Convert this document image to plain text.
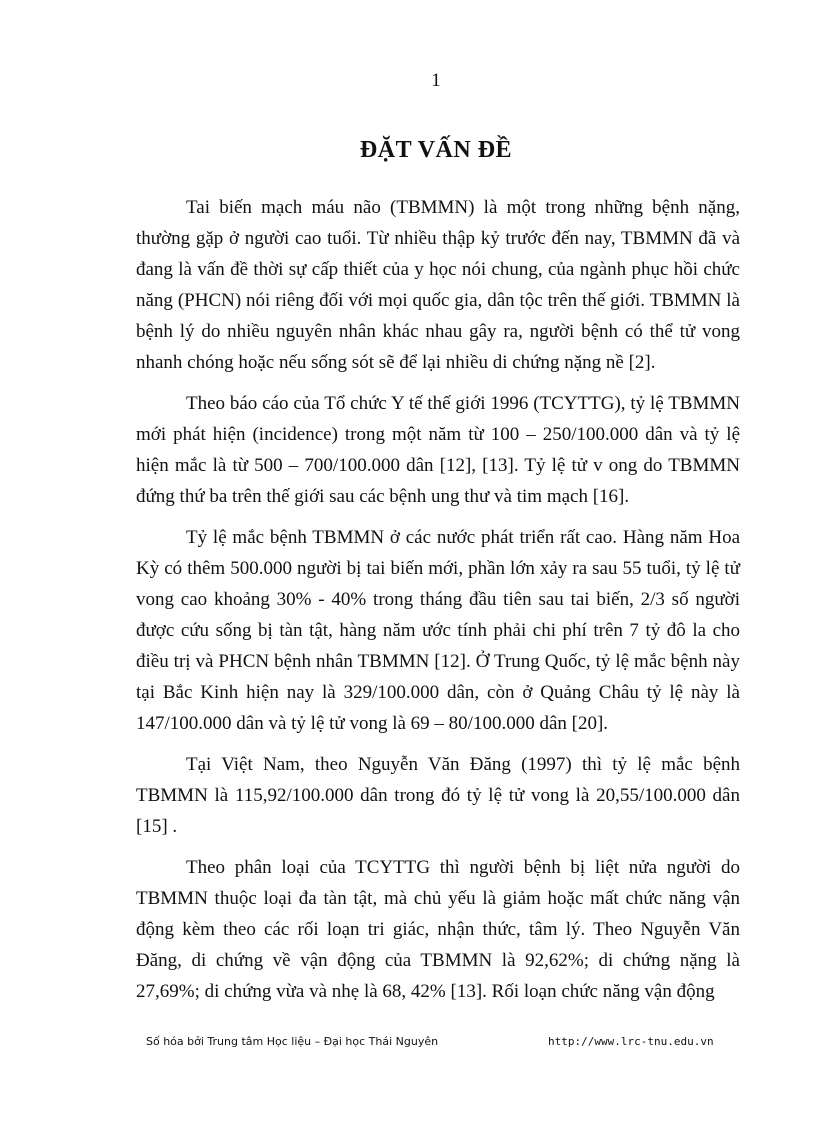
1
ĐẶT VẤN ĐỀ

Tai biến mạch máu não (TBMMN) là một trong những bệnh nặng, thường gặp ở người cao tuổi. Từ nhiều thập kỷ trước đến nay, TBMMN đã và đang là vấn đề thời sự cấp thiết của y học nói chung, của ngành phục hồi chức năng (PHCN) nói riêng đối với mọi quốc gia, dân tộc trên thế giới. TBMMN là bệnh lý do nhiều nguyên nhân khác nhau gây ra, người bệnh có thể tử vong nhanh chóng hoặc nếu sống sót sẽ để lại nhiều di chứng nặng nề [2].

Theo báo cáo của Tổ chức Y tế thế giới 1996 (TCYTTG), tỷ lệ TBMMN mới phát hiện (incidence) trong một năm từ 100 – 250/100.000 dân và tỷ lệ hiện mắc là từ 500 – 700/100.000 dân [12], [13]. Tỷ lệ tử v ong do TBMMN đứng thứ ba trên thế giới sau các bệnh ung thư và tim mạch [16].

Tỷ lệ mắc bệnh TBMMN ở các nước phát triển rất cao. Hàng năm Hoa Kỳ có thêm 500.000 người bị tai biến mới, phần lớn xảy ra sau 55 tuổi, tỷ lệ tử vong cao khoảng 30% - 40% trong tháng đầu tiên sau tai biến, 2/3 số người được cứu sống bị tàn tật, hàng năm ước tính phải chi phí trên 7 tỷ đô la cho điều trị và PHCN bệnh nhân TBMMN [12]. Ở Trung Quốc, tỷ lệ mắc bệnh này tại Bắc Kinh hiện nay là 329/100.000 dân, còn ở Quảng Châu tỷ lệ này là 147/100.000 dân và tỷ lệ tử vong là 69 – 80/100.000 dân [20].

Tại Việt Nam, theo Nguyễn Văn Đăng (1997) thì tỷ lệ mắc bệnh TBMMN là 115,92/100.000 dân trong đó tỷ lệ tử vong là 20,55/100.000 dân [15] .

Theo phân loại của TCYTTG thì người bệnh bị liệt nửa người do TBMMN thuộc loại đa tàn tật, mà chủ yếu là giảm hoặc mất chức năng vận động kèm theo các rối loạn tri giác, nhận thức, tâm lý. Theo Nguyễn Văn Đăng, di chứng về vận động của TBMMN là 92,62%; di chứng nặng là 27,69%; di chứng vừa và nhẹ là 68, 42% [13]. Rối loạn chức năng vận động

Số hóa bởi Trung tâm Học liệu – Đại học Thái Nguyên	http://www.lrc-tnu.edu.vn
